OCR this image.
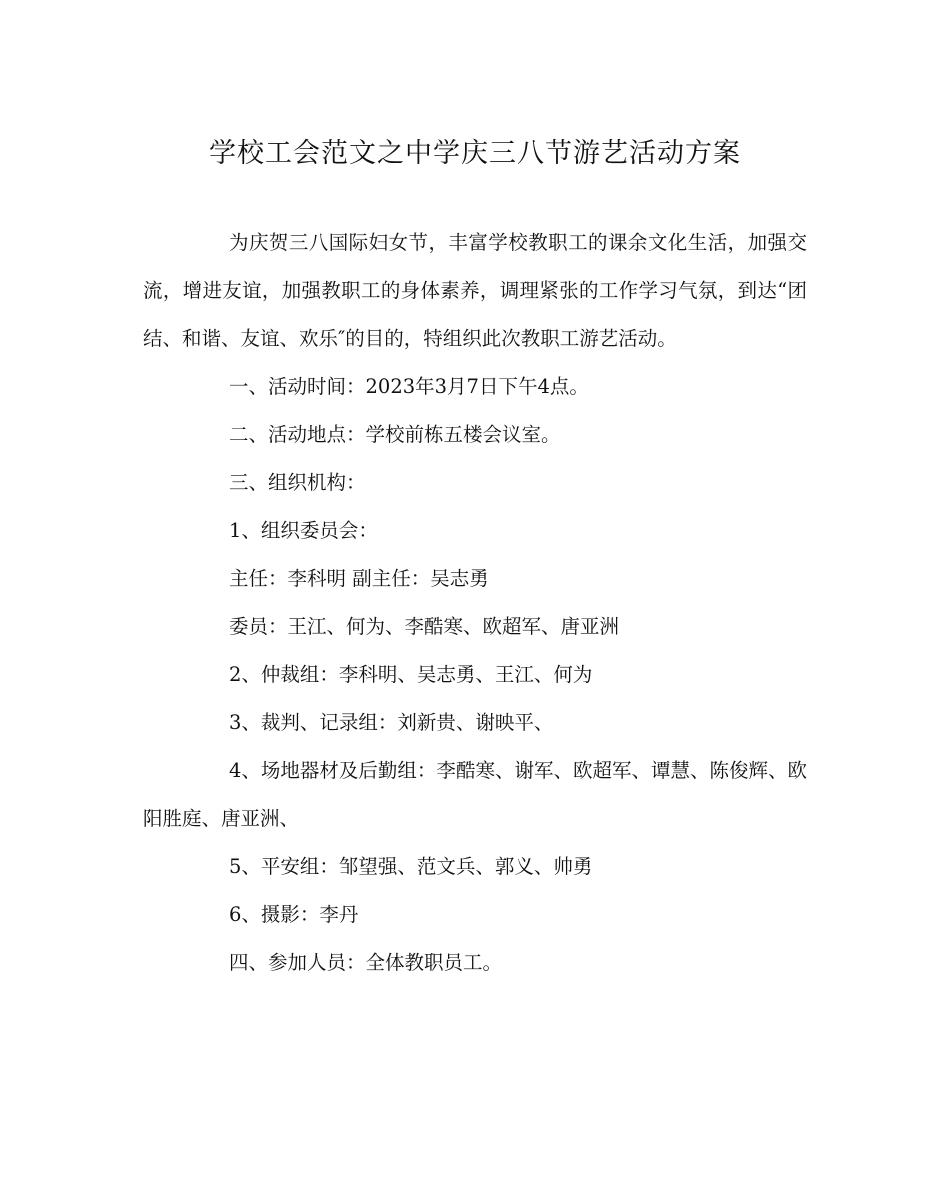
学校工会范文之中学庆三八节游艺活动方案

为庆贺三八国际妇女节，丰富学校教职工的课余文化生活，加强交流，增进友谊，加强教职工的身体素养，调理紧张的工作学习气氛，到达“团结、和谐、友谊、欢乐″的目的，特组织此次教职工游艺活动。

一、活动时间：2023年3月7日下午4点。

二、活动地点：学校前栋五楼会议室。

三、组织机构：

1、组织委员会：

主任：李科明 副主任：吴志勇

委员：王江、何为、李酷寒、欧超军、唐亚洲

2、仲裁组：李科明、吴志勇、王江、何为

3、裁判、记录组：刘新贵、谢映平、

4、场地器材及后勤组：李酷寒、谢军、欧超军、谭慧、陈俊辉、欧阳胜庭、唐亚洲、

5、平安组：邹望强、范文兵、郭义、帅勇

6、摄影：李丹

四、参加人员：全体教职员工。
